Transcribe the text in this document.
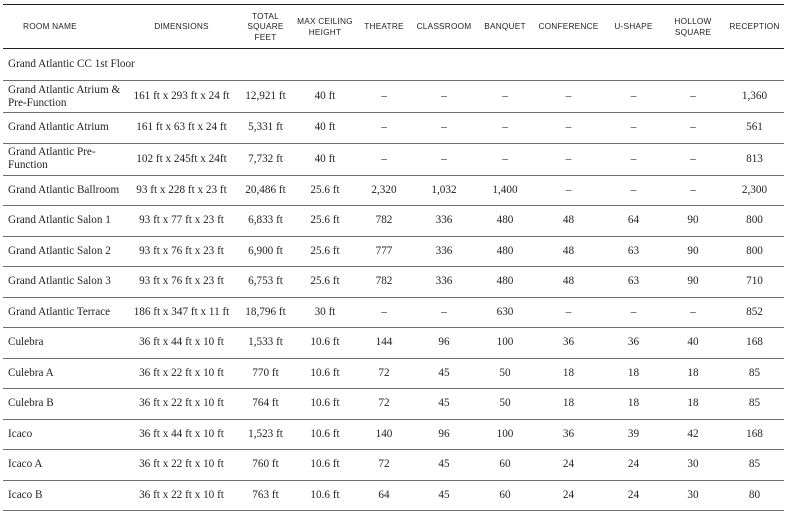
ROOM NAME	DIMENSIONS	TOTAL SQUARE FEET	MAX CEILING HEIGHT	THEATRE	CLASSROOM	BANQUET	CONFERENCE	U-SHAPE	HOLLOW SQUARE	RECEPTION
Grand Atlantic CC 1st Floor										
Grand Atlantic Atrium & Pre-Function	161 ft x 293 ft x 24 ft	12,921 ft	40 ft	–	–	–	–	–	–	1,360
Grand Atlantic Atrium	161 ft x 63 ft x 24 ft	5,331 ft	40 ft	–	–	–	–	–	–	561
Grand Atlantic Pre-Function	102 ft x 245ft x 24ft	7,732 ft	40 ft	–	–	–	–	–	–	813
Grand Atlantic Ballroom	93 ft x 228 ft x 23 ft	20,486 ft	25.6 ft	2,320	1,032	1,400	–	–	–	2,300
Grand Atlantic Salon 1	93 ft x 77 ft x 23 ft	6,833 ft	25.6 ft	782	336	480	48	64	90	800
Grand Atlantic Salon 2	93 ft x 76 ft x 23 ft	6,900 ft	25.6 ft	777	336	480	48	63	90	800
Grand Atlantic Salon 3	93 ft x 76 ft x 23 ft	6,753 ft	25.6 ft	782	336	480	48	63	90	710
Grand Atlantic Terrace	186 ft x 347 ft x 11 ft	18,796 ft	30 ft	–	–	630	–	–	–	852
Culebra	36 ft x 44 ft x 10 ft	1,533 ft	10.6 ft	144	96	100	36	36	40	168
Culebra A	36 ft x 22 ft x 10 ft	770 ft	10.6 ft	72	45	50	18	18	18	85
Culebra B	36 ft x 22 ft x 10 ft	764 ft	10.6 ft	72	45	50	18	18	18	85
Icaco	36 ft x 44 ft x 10 ft	1,523 ft	10.6 ft	140	96	100	36	39	42	168
Icaco A	36 ft x 22 ft x 10 ft	760 ft	10.6 ft	72	45	60	24	24	30	85
Icaco B	36 ft x 22 ft x 10 ft	763 ft	10.6 ft	64	45	60	24	24	30	80
